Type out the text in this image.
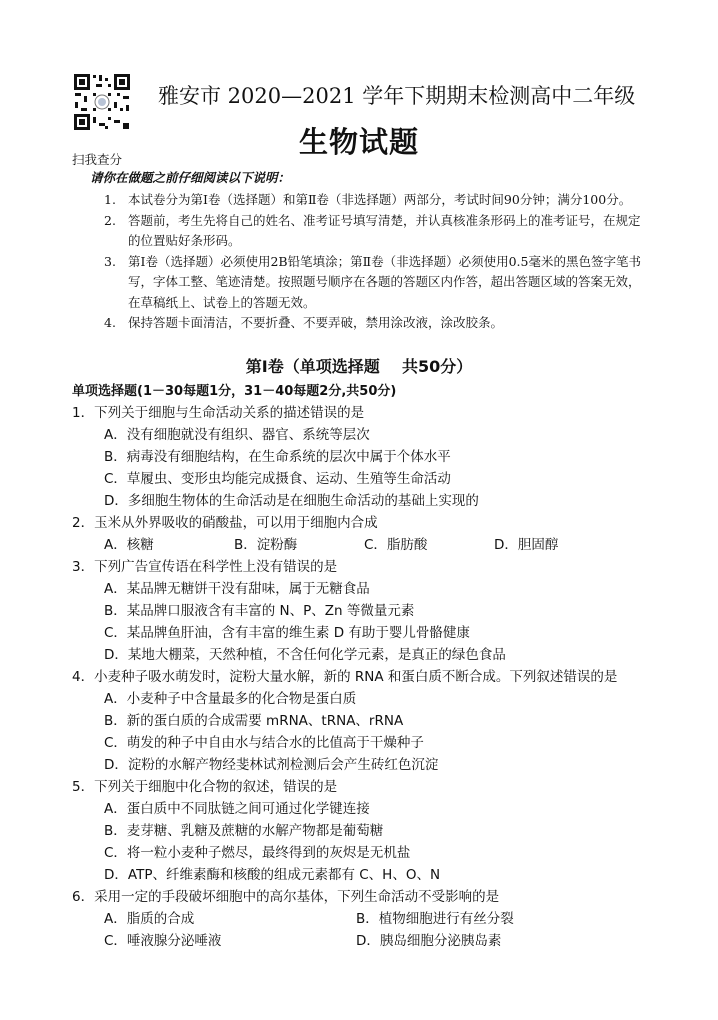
扫我查分
雅安市 2020—2021 学年下期期末检测高中二年级
生物试题
请你在做题之前仔细阅读以下说明：
1. 本试卷分为第Ⅰ卷（选择题）和第Ⅱ卷（非选择题）两部分，考试时间90分钟；满分100分。
2. 答题前，考生先将自己的姓名、准考证号填写清楚，并认真核准条形码上的准考证号，在规定的位置贴好条形码。
3. 第Ⅰ卷（选择题）必须使用2B铅笔填涂；第Ⅱ卷（非选择题）必须使用0.5毫米的黑色签字笔书写，字体工整、笔迹清楚。按照题号顺序在各题的答题区内作答，超出答题区域的答案无效，在草稿纸上、试卷上的答题无效。
4. 保持答题卡面清洁，不要折叠、不要弄破，禁用涂改液，涂改胶条。
第Ⅰ卷（单项选择题    共50分）
单项选择题(1－30每题1分，31－40每题2分,共50分)
1．下列关于细胞与生命活动关系的描述错误的是
A．没有细胞就没有组织、器官、系统等层次
B．病毒没有细胞结构，在生命系统的层次中属于个体水平
C．草履虫、变形虫均能完成摄食、运动、生殖等生命活动
D．多细胞生物体的生命活动是在细胞生命活动的基础上实现的
2．玉米从外界吸收的硝酸盐，可以用于细胞内合成
A．核糖	B．淀粉酶	C．脂肪酸	D．胆固醇
3．下列广告宣传语在科学性上没有错误的是
A．某品牌无糖饼干没有甜味，属于无糖食品
B．某品牌口服液含有丰富的 N、P、Zn 等微量元素
C．某品牌鱼肝油，含有丰富的维生素 D 有助于婴儿骨骼健康
D．某地大棚菜，天然种植，不含任何化学元素，是真正的绿色食品
4．小麦种子吸水萌发时，淀粉大量水解，新的 RNA 和蛋白质不断合成。下列叙述错误的是
A．小麦种子中含量最多的化合物是蛋白质
B．新的蛋白质的合成需要 mRNA、tRNA、rRNA
C．萌发的种子中自由水与结合水的比值高于干燥种子
D．淀粉的水解产物经斐林试剂检测后会产生砖红色沉淀
5．下列关于细胞中化合物的叙述，错误的是
A．蛋白质中不同肽链之间可通过化学键连接
B．麦芽糖、乳糖及蔗糖的水解产物都是葡萄糖
C．将一粒小麦种子燃尽，最终得到的灰烬是无机盐
D．ATP、纤维素酶和核酸的组成元素都有 C、H、O、N
6．采用一定的手段破坏细胞中的高尔基体，下列生命活动不受影响的是
A．脂质的合成	B．植物细胞进行有丝分裂
C．唾液腺分泌唾液	D．胰岛细胞分泌胰岛素
